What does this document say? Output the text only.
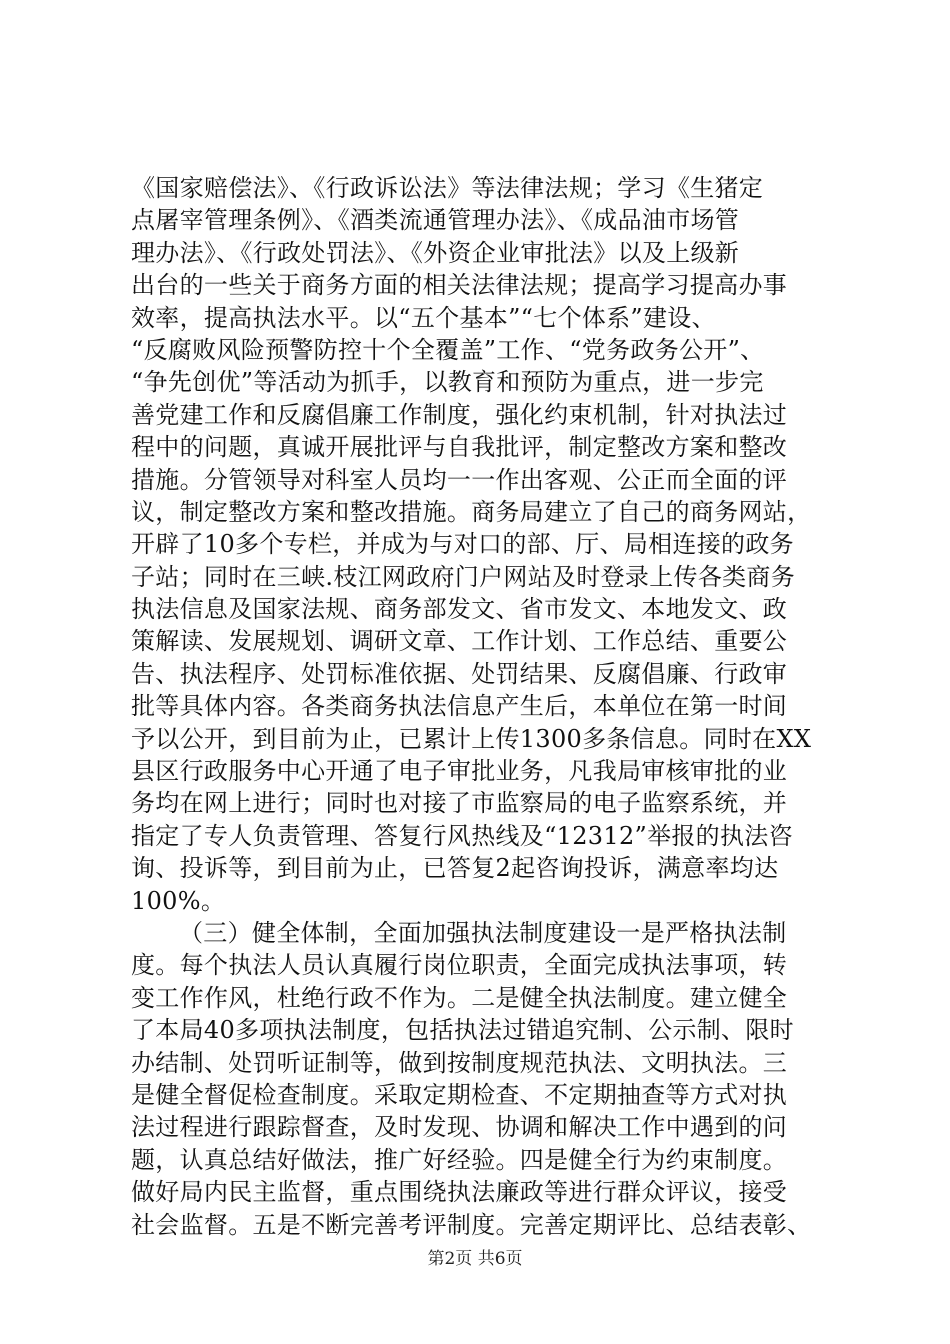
《国家赔偿法》、《行政诉讼法》等法律法规；学习《生猪定
点屠宰管理条例》、《酒类流通管理办法》、《成品油市场管
理办法》、《行政处罚法》、《外资企业审批法》以及上级新
出台的一些关于商务方面的相关法律法规；提高学习提高办事
效率，提高执法水平。以“五个基本”“七个体系”建设、
“反腐败风险预警防控十个全覆盖”工作、“党务政务公开”、
“争先创优”等活动为抓手，以教育和预防为重点，进一步完
善党建工作和反腐倡廉工作制度，强化约束机制，针对执法过
程中的问题，真诚开展批评与自我批评，制定整改方案和整改
措施。分管领导对科室人员均一一作出客观、公正而全面的评
议，制定整改方案和整改措施。商务局建立了自己的商务网站，
开辟了10多个专栏，并成为与对口的部、厅、局相连接的政务
子站；同时在三峡.枝江网政府门户网站及时登录上传各类商务
执法信息及国家法规、商务部发文、省市发文、本地发文、政
策解读、发展规划、调研文章、工作计划、工作总结、重要公
告、执法程序、处罚标准依据、处罚结果、反腐倡廉、行政审
批等具体内容。各类商务执法信息产生后，本单位在第一时间
予以公开，到目前为止，已累计上传1300多条信息。同时在XX
县区行政服务中心开通了电子审批业务，凡我局审核审批的业
务均在网上进行；同时也对接了市监察局的电子监察系统，并
指定了专人负责管理、答复行风热线及“12312”举报的执法咨
询、投诉等，到目前为止，已答复2起咨询投诉，满意率均达
100%。
（三）健全体制，全面加强执法制度建设一是严格执法制
度。每个执法人员认真履行岗位职责，全面完成执法事项，转
变工作作风，杜绝行政不作为。二是健全执法制度。建立健全
了本局40多项执法制度，包括执法过错追究制、公示制、限时
办结制、处罚听证制等，做到按制度规范执法、文明执法。三
是健全督促检查制度。采取定期检查、不定期抽查等方式对执
法过程进行跟踪督查，及时发现、协调和解决工作中遇到的问
题，认真总结好做法，推广好经验。四是健全行为约束制度。
做好局内民主监督，重点围绕执法廉政等进行群众评议，接受
社会监督。五是不断完善考评制度。完善定期评比、总结表彰、
第2页 共6页
